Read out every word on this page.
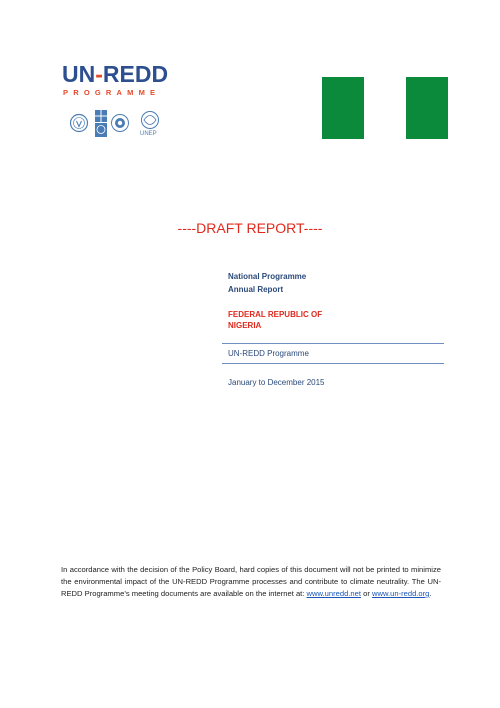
UN-REDD
PROGRAMME
UNEP
----DRAFT REPORT----
National Programme
Annual Report
FEDERAL REPUBLIC OF
NIGERIA
UN-REDD Programme
January to December 2015
In accordance with the decision of the Policy Board, hard copies of this document will not be printed to minimize the environmental impact of the UN-REDD Programme processes and contribute to climate neutrality. The UN-REDD Programme’s meeting documents are available on the internet at: www.unredd.net or www.un-redd.org.
